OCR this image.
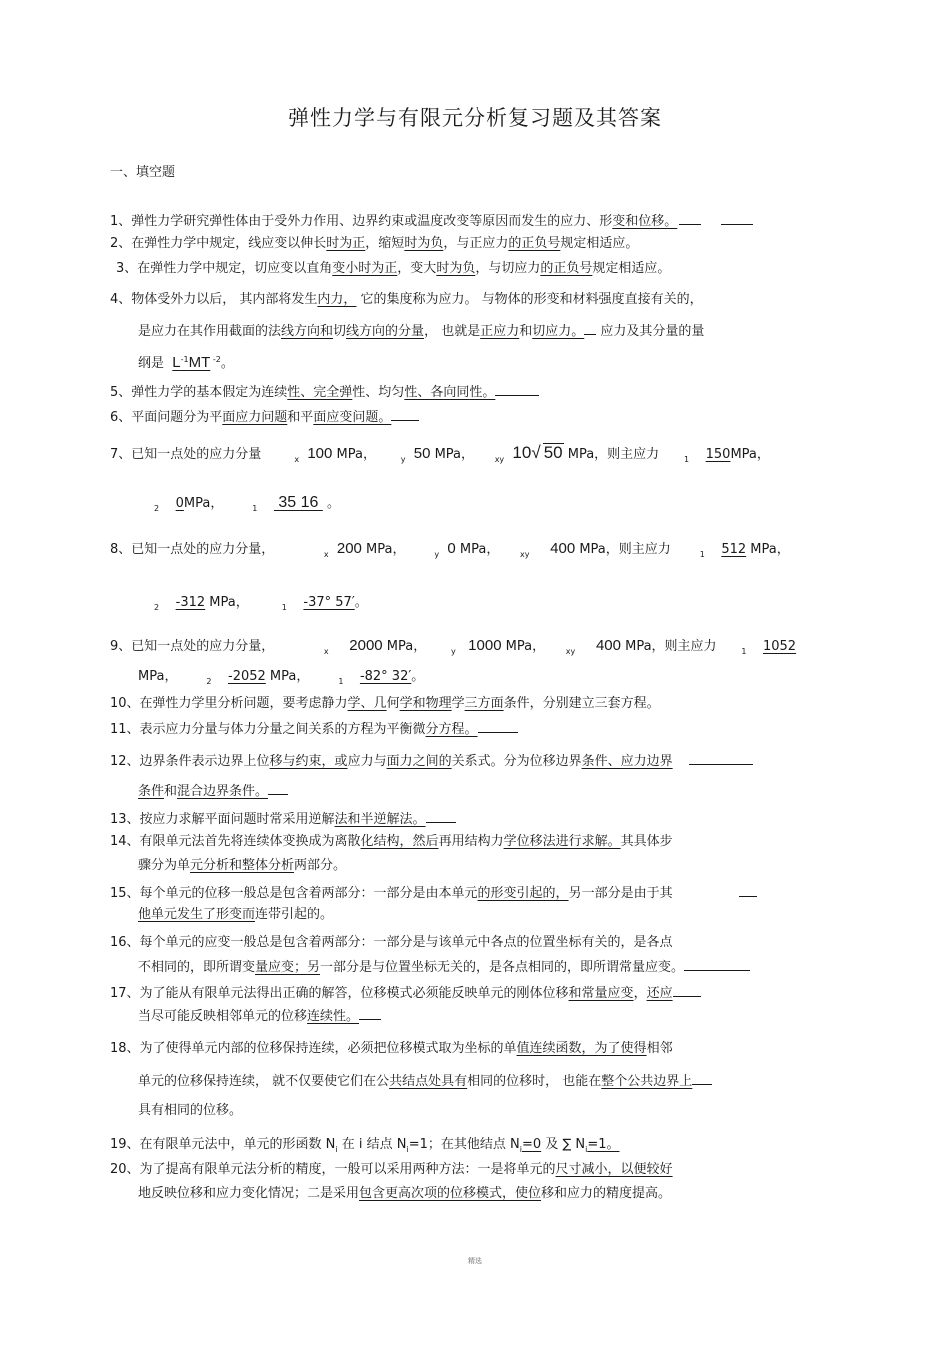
弹性力学与有限元分析复习题及其答案
一、填空题
1、弹性力学研究弹性体由于受外力作用、边界约束或温度改变等原因而发生的应力、形变和位移。
2、在弹性力学中规定，线应变以伸长时为正，缩短时为负，与正应力的正负号规定相适应。
3、在弹性力学中规定，切应变以直角变小时为正，变大时为负，与切应力的正负号规定相适应。
4、物体受外力以后， 其内部将发生内力， 它的集度称为应力。 与物体的形变和材料强度直接有关的，
是应力在其作用截面的法线方向和切线方向的分量， 也就是正应力和切应力。 应力及其分量的量
纲是 $L^{-1}MT$ $^{-2}$。
5、弹性力学的基本假定为连续性、完全弹性、均匀性、各向同性。
6、平面问题分为平面应力问题和平面应变问题。
7、已知一点处的应力分量	$_x$ 100 MPa，	$_y$ 50 MPa，	$_{xy}$ 10√ 50 MPa，则主应力	$_1$ 150MPa，
$_2$ 0MPa，	$_1$     35 16  。
8、已知一点处的应力分量，	$_x$ 200 MPa，	$_y$ 0 MPa，	$_{xy}$ 400 MPa，则主应力	$_1$ 512 MPa，
$_2$ -312 MPa，	$_1$ -37° 57′。
9、已知一点处的应力分量，	$_x$ 2000 MPa，	$_y$ 1000 MPa，	$_{xy}$ 400 MPa，则主应力	$_1$ 1052
MPa，	$_2$ -2052 MPa，	$_1$ -82° 32′。
10、在弹性力学里分析问题，要考虑静力学、几何学和物理学三方面条件，分别建立三套方程。
11、表示应力分量与体力分量之间关系的方程为平衡微分方程。
12、边界条件表示边界上位移与约束，或应力与面力之间的关系式。分为位移边界条件、应力边界
条件和混合边界条件。
13、按应力求解平面问题时常采用逆解法和半逆解法。
14、有限单元法首先将连续体变换成为离散化结构，然后再用结构力学位移法进行求解。其具体步
骤分为单元分析和整体分析两部分。
15、每个单元的位移一般总是包含着两部分：一部分是由本单元的形变引起的，另一部分是由于其
他单元发生了形变而连带引起的。
16、每个单元的应变一般总是包含着两部分：一部分是与该单元中各点的位置坐标有关的，是各点
不相同的，即所谓变量应变；另一部分是与位置坐标无关的，是各点相同的，即所谓常量应变。
17、为了能从有限单元法得出正确的解答，位移模式必须能反映单元的刚体位移和常量应变，还应
当尽可能反映相邻单元的位移连续性。
18、为了使得单元内部的位移保持连续，必须把位移模式取为坐标的单值连续函数，为了使得相邻
单元的位移保持连续， 就不仅要使它们在公共结点处具有相同的位移时， 也能在整个公共边界上
具有相同的位移。
19、在有限单元法中，单元的形函数 $N_i$ 在 i 结点 $N_i=1$；在其他结点 $N_i=0$ 及 ∑ $N_i=1$。
20、为了提高有限单元法分析的精度，一般可以采用两种方法：一是将单元的尺寸减小，以便较好
地反映位移和应力变化情况；二是采用包含更高次项的位移模式，使位移和应力的精度提高。
精选
